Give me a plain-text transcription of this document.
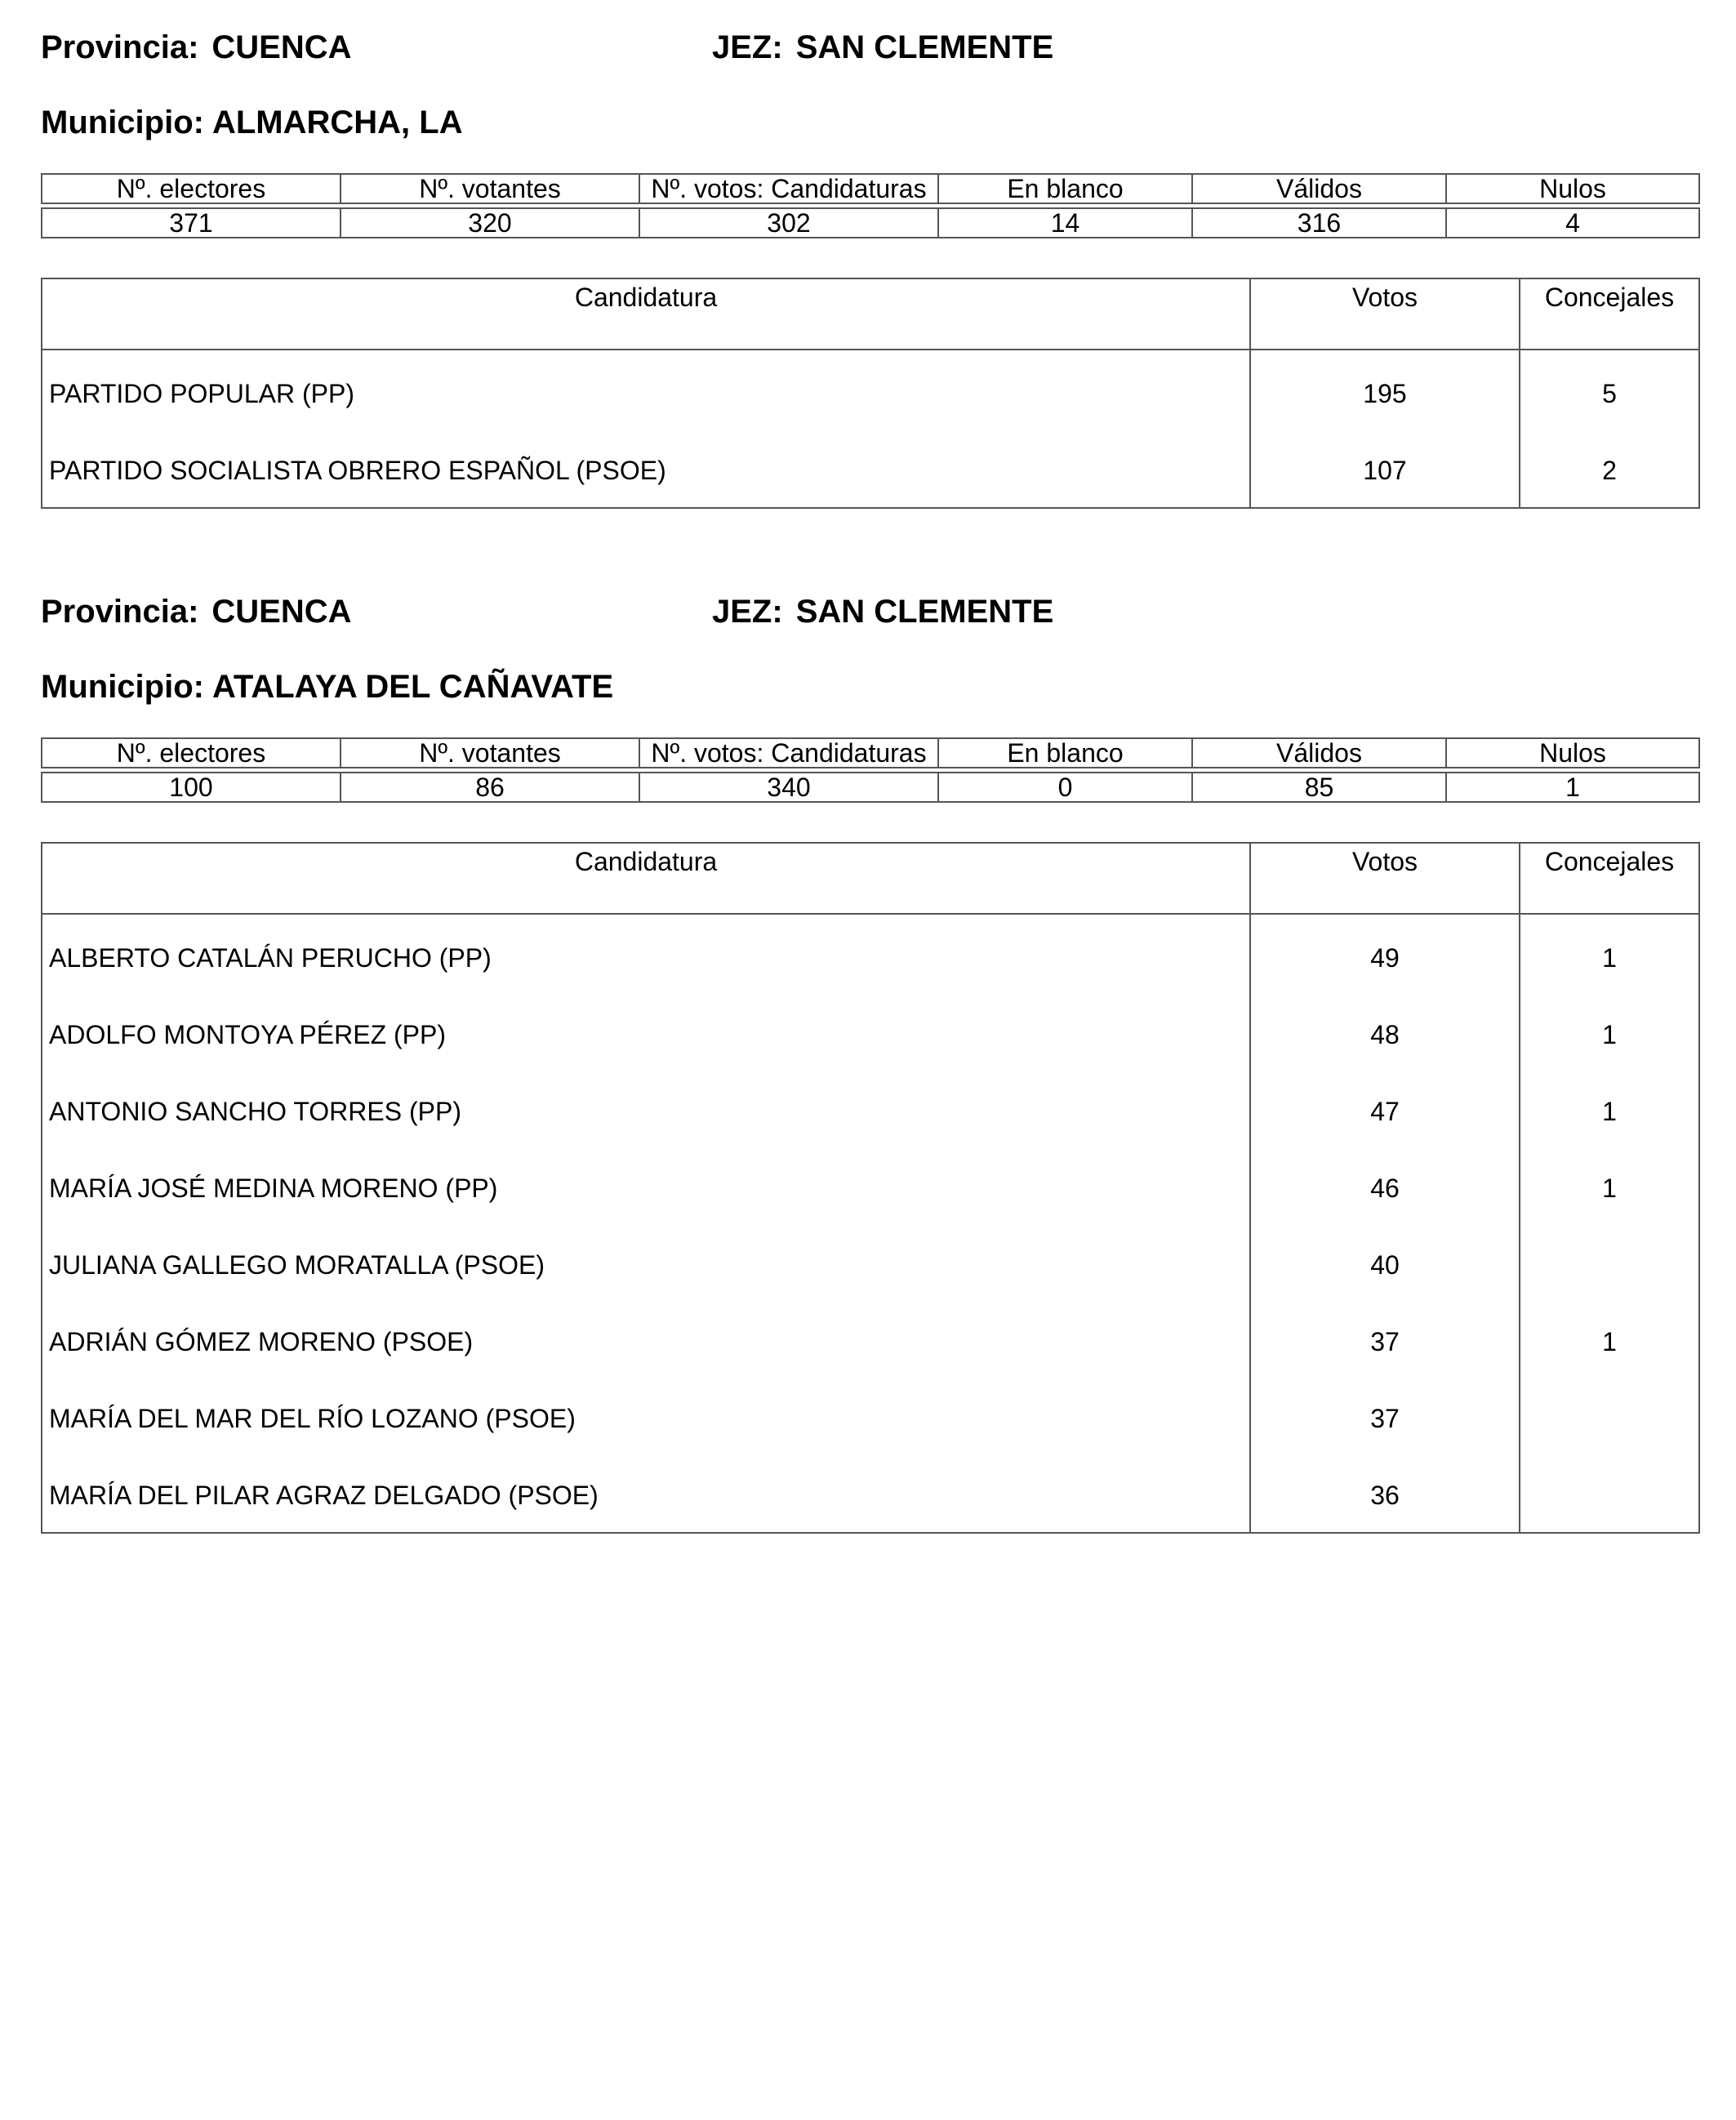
Provincia: CUENCA	JEZ: SAN CLEMENTE
Municipio: ALMARCHA, LA
Nº. electores	Nº. votantes	Nº. votos: Candidaturas	En blanco	Válidos	Nulos

371	320	302	14	316	4
Candidatura	Votos	Concejales
PARTIDO POPULAR (PP)	195	5
PARTIDO SOCIALISTA OBRERO ESPAÑOL (PSOE)	107	2

Provincia: CUENCA	JEZ: SAN CLEMENTE
Municipio: ATALAYA DEL CAÑAVATE
Nº. electores	Nº. votantes	Nº. votos: Candidaturas	En blanco	Válidos	Nulos

100	86	340	0	85	1
Candidatura	Votos	Concejales
ALBERTO CATALÁN PERUCHO (PP)	49	1
ADOLFO MONTOYA PÉREZ (PP)	48	1
ANTONIO SANCHO TORRES (PP)	47	1
MARÍA JOSÉ MEDINA MORENO (PP)	46	1
JULIANA GALLEGO MORATALLA (PSOE)	40	
ADRIÁN GÓMEZ MORENO (PSOE)	37	1
MARÍA DEL MAR DEL RÍO LOZANO (PSOE)	37	
MARÍA DEL PILAR AGRAZ DELGADO (PSOE)	36	
